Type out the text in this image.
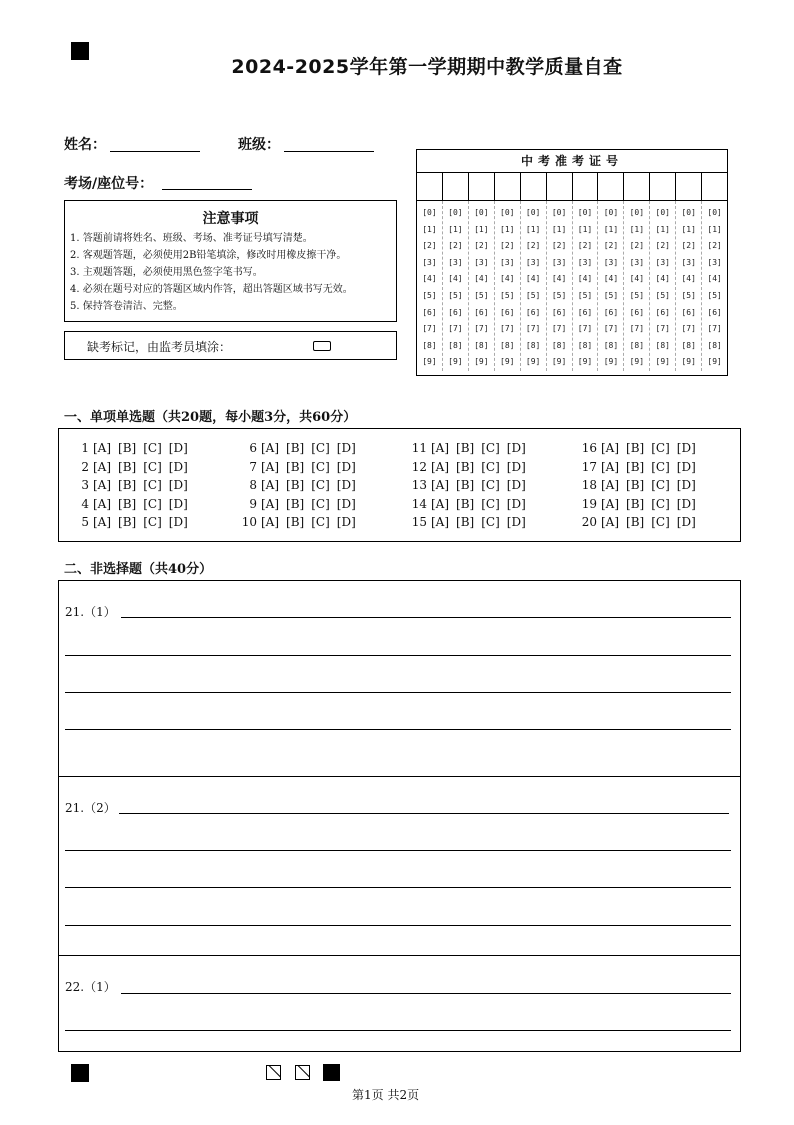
2024-2025学年第一学期期中教学质量自查
姓名：	班级：
考场/座位号：
注意事项
1. 答题前请将姓名、班级、考场、准考证号填写清楚。
2. 客观题答题，必须使用2B铅笔填涂，修改时用橡皮擦干净。
3. 主观题答题，必须使用黑色签字笔书写。
4. 必须在题号对应的答题区域内作答，超出答题区域书写无效。
5. 保持答卷清洁、完整。
缺考标记，由监考员填涂：
中考准考证号
[0]
[1]
[2]
[3]
[4]
[5]
[6]
[7]
[8]
[9]
[0]
[1]
[2]
[3]
[4]
[5]
[6]
[7]
[8]
[9]
[0]
[1]
[2]
[3]
[4]
[5]
[6]
[7]
[8]
[9]
[0]
[1]
[2]
[3]
[4]
[5]
[6]
[7]
[8]
[9]
[0]
[1]
[2]
[3]
[4]
[5]
[6]
[7]
[8]
[9]
[0]
[1]
[2]
[3]
[4]
[5]
[6]
[7]
[8]
[9]
[0]
[1]
[2]
[3]
[4]
[5]
[6]
[7]
[8]
[9]
[0]
[1]
[2]
[3]
[4]
[5]
[6]
[7]
[8]
[9]
[0]
[1]
[2]
[3]
[4]
[5]
[6]
[7]
[8]
[9]
[0]
[1]
[2]
[3]
[4]
[5]
[6]
[7]
[8]
[9]
[0]
[1]
[2]
[3]
[4]
[5]
[6]
[7]
[8]
[9]
[0]
[1]
[2]
[3]
[4]
[5]
[6]
[7]
[8]
[9]
一、单项单选题（共20题，每小题3分，共60分）
1 [A] [B] [C] [D]
2 [A] [B] [C] [D]
3 [A] [B] [C] [D]
4 [A] [B] [C] [D]
5 [A] [B] [C] [D]
6 [A] [B] [C] [D]
7 [A] [B] [C] [D]
8 [A] [B] [C] [D]
9 [A] [B] [C] [D]
10 [A] [B] [C] [D]
11 [A] [B] [C] [D]
12 [A] [B] [C] [D]
13 [A] [B] [C] [D]
14 [A] [B] [C] [D]
15 [A] [B] [C] [D]
16 [A] [B] [C] [D]
17 [A] [B] [C] [D]
18 [A] [B] [C] [D]
19 [A] [B] [C] [D]
20 [A] [B] [C] [D]
二、非选择题（共40分）
21.（1）
21.（2）
22.（1）
第1页 共2页
